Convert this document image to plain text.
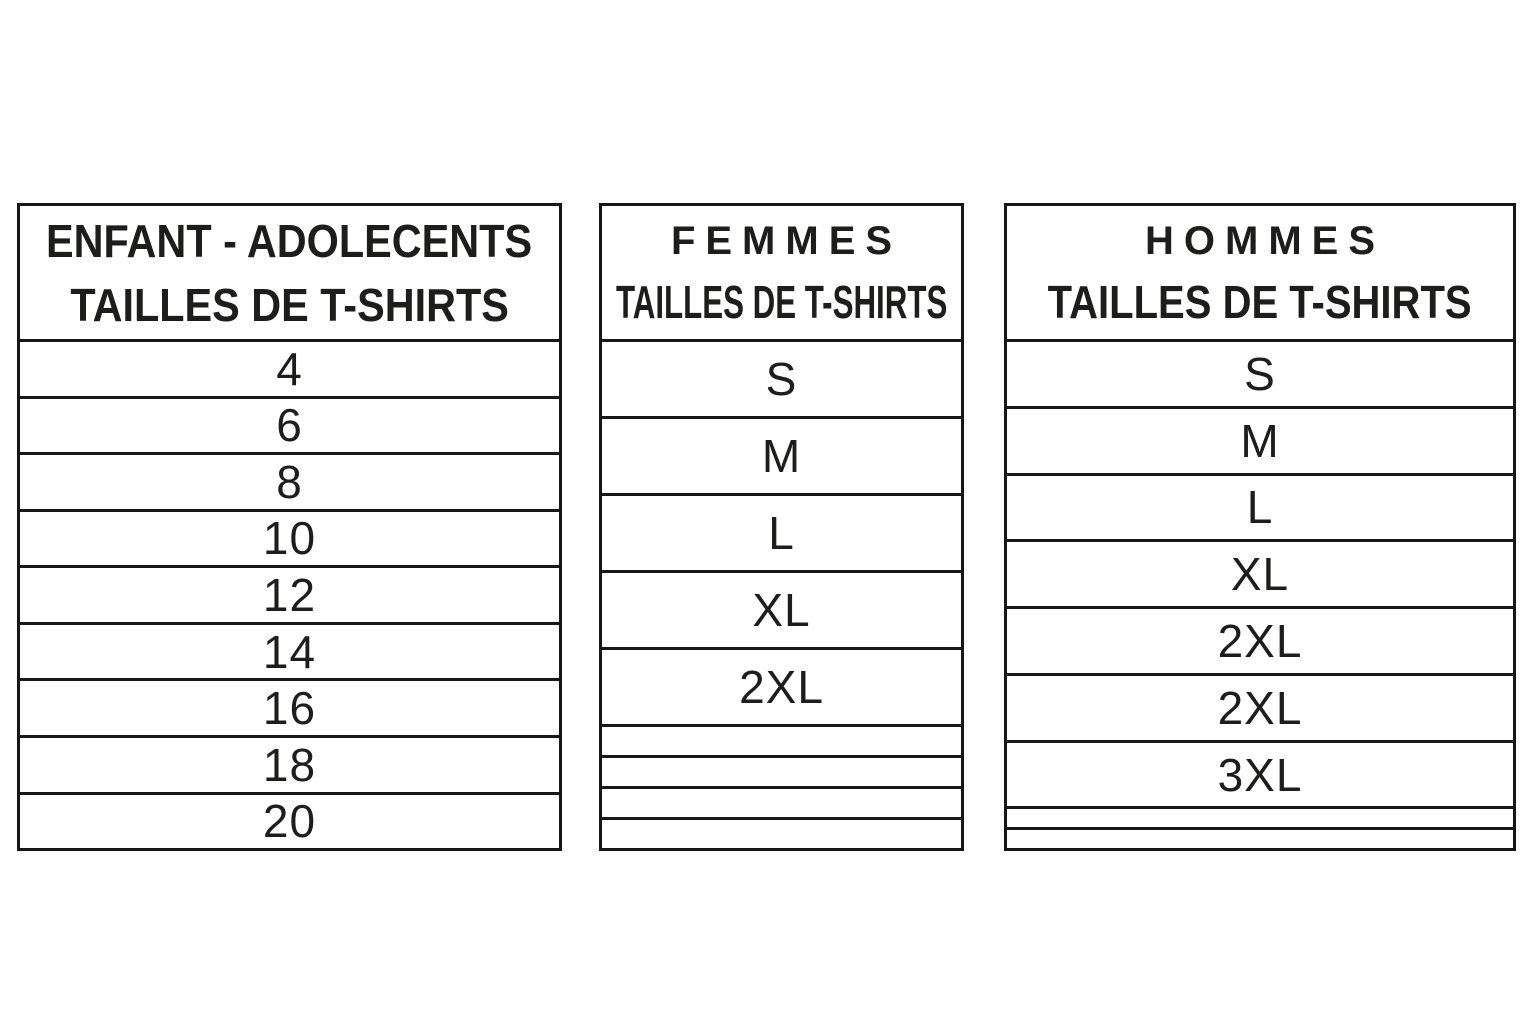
ENFANT - ADOLECENTS
TAILLES DE T-SHIRTS
4
6
8
10
12
14
16
18
20
FEMMES
TAILLES DE T-SHIRTS
S
M
L
XL
2XL
HOMMES
TAILLES DE T-SHIRTS
S
M
L
XL
2XL
2XL
3XL
